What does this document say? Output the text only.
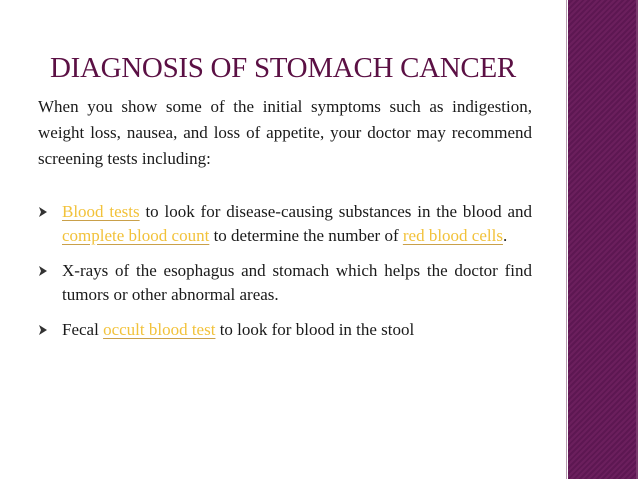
DIAGNOSIS OF STOMACH CANCER

When you show some of the initial symptoms such as indigestion, weight loss, nausea, and loss of appetite, your doctor may recommend screening tests including:

Blood tests to look for disease-causing substances in the blood and complete blood count to determine the number of red blood cells.
X-rays of the esophagus and stomach which helps the doctor find tumors or other abnormal areas.
Fecal occult blood test to look for blood in the stool
